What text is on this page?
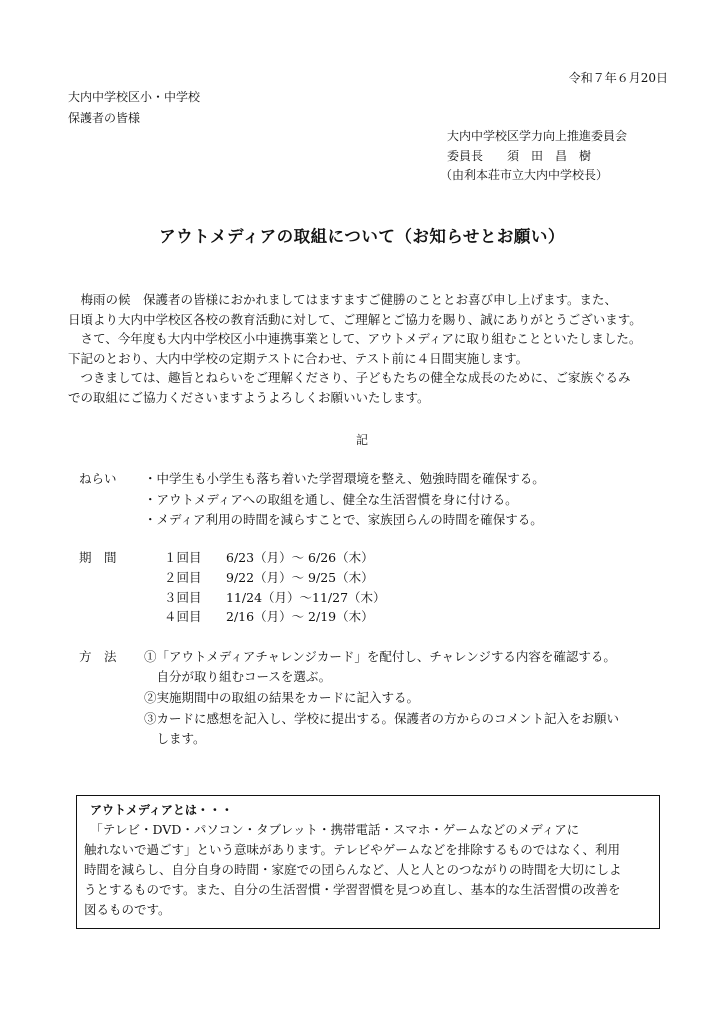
令和７年６月20日
大内中学校区小・中学校
保護者の皆様
大内中学校区学力向上推進委員会
委員長　　須　田　昌　樹
（由利本荘市立大内中学校長）
アウトメディアの取組について（お知らせとお願い）
　梅雨の候　保護者の皆様におかれましてはますますご健勝のこととお喜び申し上げます。また、
日頃より大内中学校区各校の教育活動に対して、ご理解とご協力を賜り、誠にありがとうございます。
　さて、今年度も大内中学校区小中連携事業として、アウトメディアに取り組むことといたしました。
下記のとおり、大内中学校の定期テストに合わせ、テスト前に４日間実施します。
　つきましては、趣旨とねらいをご理解くださり、子どもたちの健全な成長のために、ご家族ぐるみ
での取組にご協力くださいますようよろしくお願いいたします。
記
ねらい ・中学生も小学生も落ち着いた学習環境を整え、勉強時間を確保する。
・アウトメディアへの取組を通し、健全な生活習慣を身に付ける。
・メディア利用の時間を減らすことで、家族団らんの時間を確保する。
期　間	１回目 6/23（月）～ 6/26（木）
２回目 9/22（月）～ 9/25（木）
３回目 11/24（月）～11/27（木）
４回目2/16（月）～ 2/19（木）
方　法 ①「アウトメディアチャレンジカード」を配付し、チャレンジする内容を確認する。
　自分が取り組むコースを選ぶ。
②実施期間中の取組の結果をカードに記入する。
③カードに感想を記入し、学校に提出する。保護者の方からのコメント記入をお願い
　します。
アウトメディアとは・・・
　「テレビ・DVD・パソコン・タブレット・携帯電話・スマホ・ゲームなどのメディアに
触れないで過ごす」という意味があります。テレビやゲームなどを排除するものではなく、利用
時間を減らし、自分自身の時間・家庭での団らんなど、人と人とのつながりの時間を大切にしよ
うとするものです。また、自分の生活習慣・学習習慣を見つめ直し、基本的な生活習慣の改善を
図るものです。
